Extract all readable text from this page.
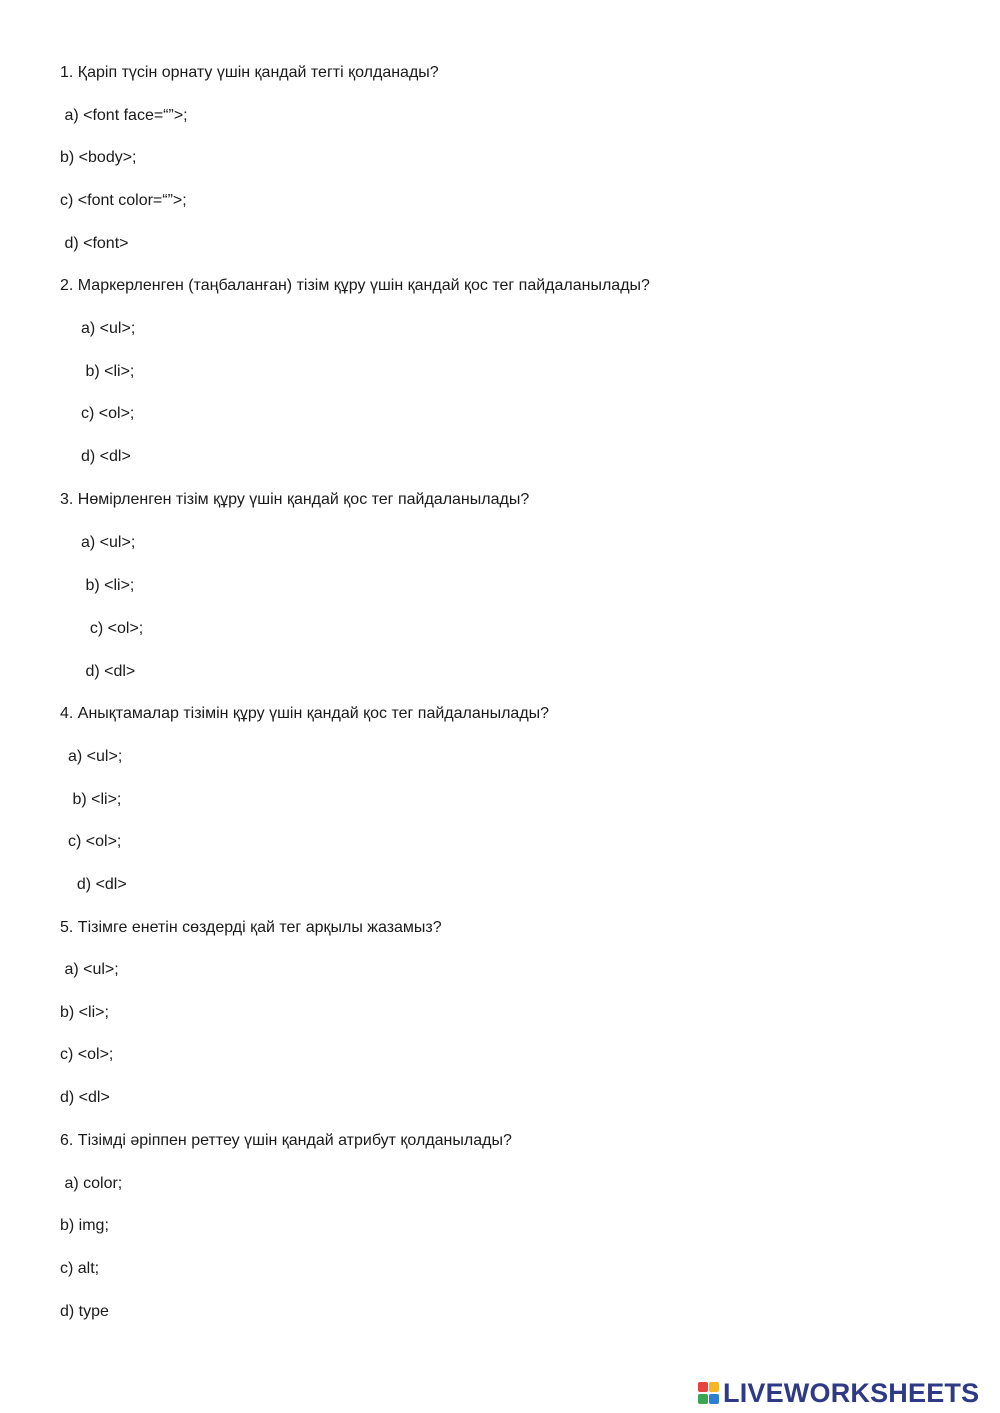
1. Қаріп түсін орнату үшін қандай тегті қолданады?
a) <font face=“”>;
b) <body>;
c) <font color=“”>;
d) <font>
2. Маркерленген (таңбаланған) тізім құру үшін қандай қос тег пайдаланылады?
a) <ul>;
b) <li>;
c) <ol>;
d) <dl>
3. Нөмірленген тізім құру үшін қандай қос тег пайдаланылады?
a) <ul>;
b) <li>;
c) <ol>;
d) <dl>
4. Анықтамалар тізімін құру үшін қандай қос тег пайдаланылады?
a) <ul>;
b) <li>;
c) <ol>;
d) <dl>
5. Тізімге енетін сөздерді қай тег арқылы жазамыз?
a) <ul>;
b) <li>;
c) <ol>;
d) <dl>
6. Тізімді әріппен реттеу үшін қандай атрибут қолданылады?
a) color;
b) img;
c) alt;
d) type
LIVEWORKSHEETS
